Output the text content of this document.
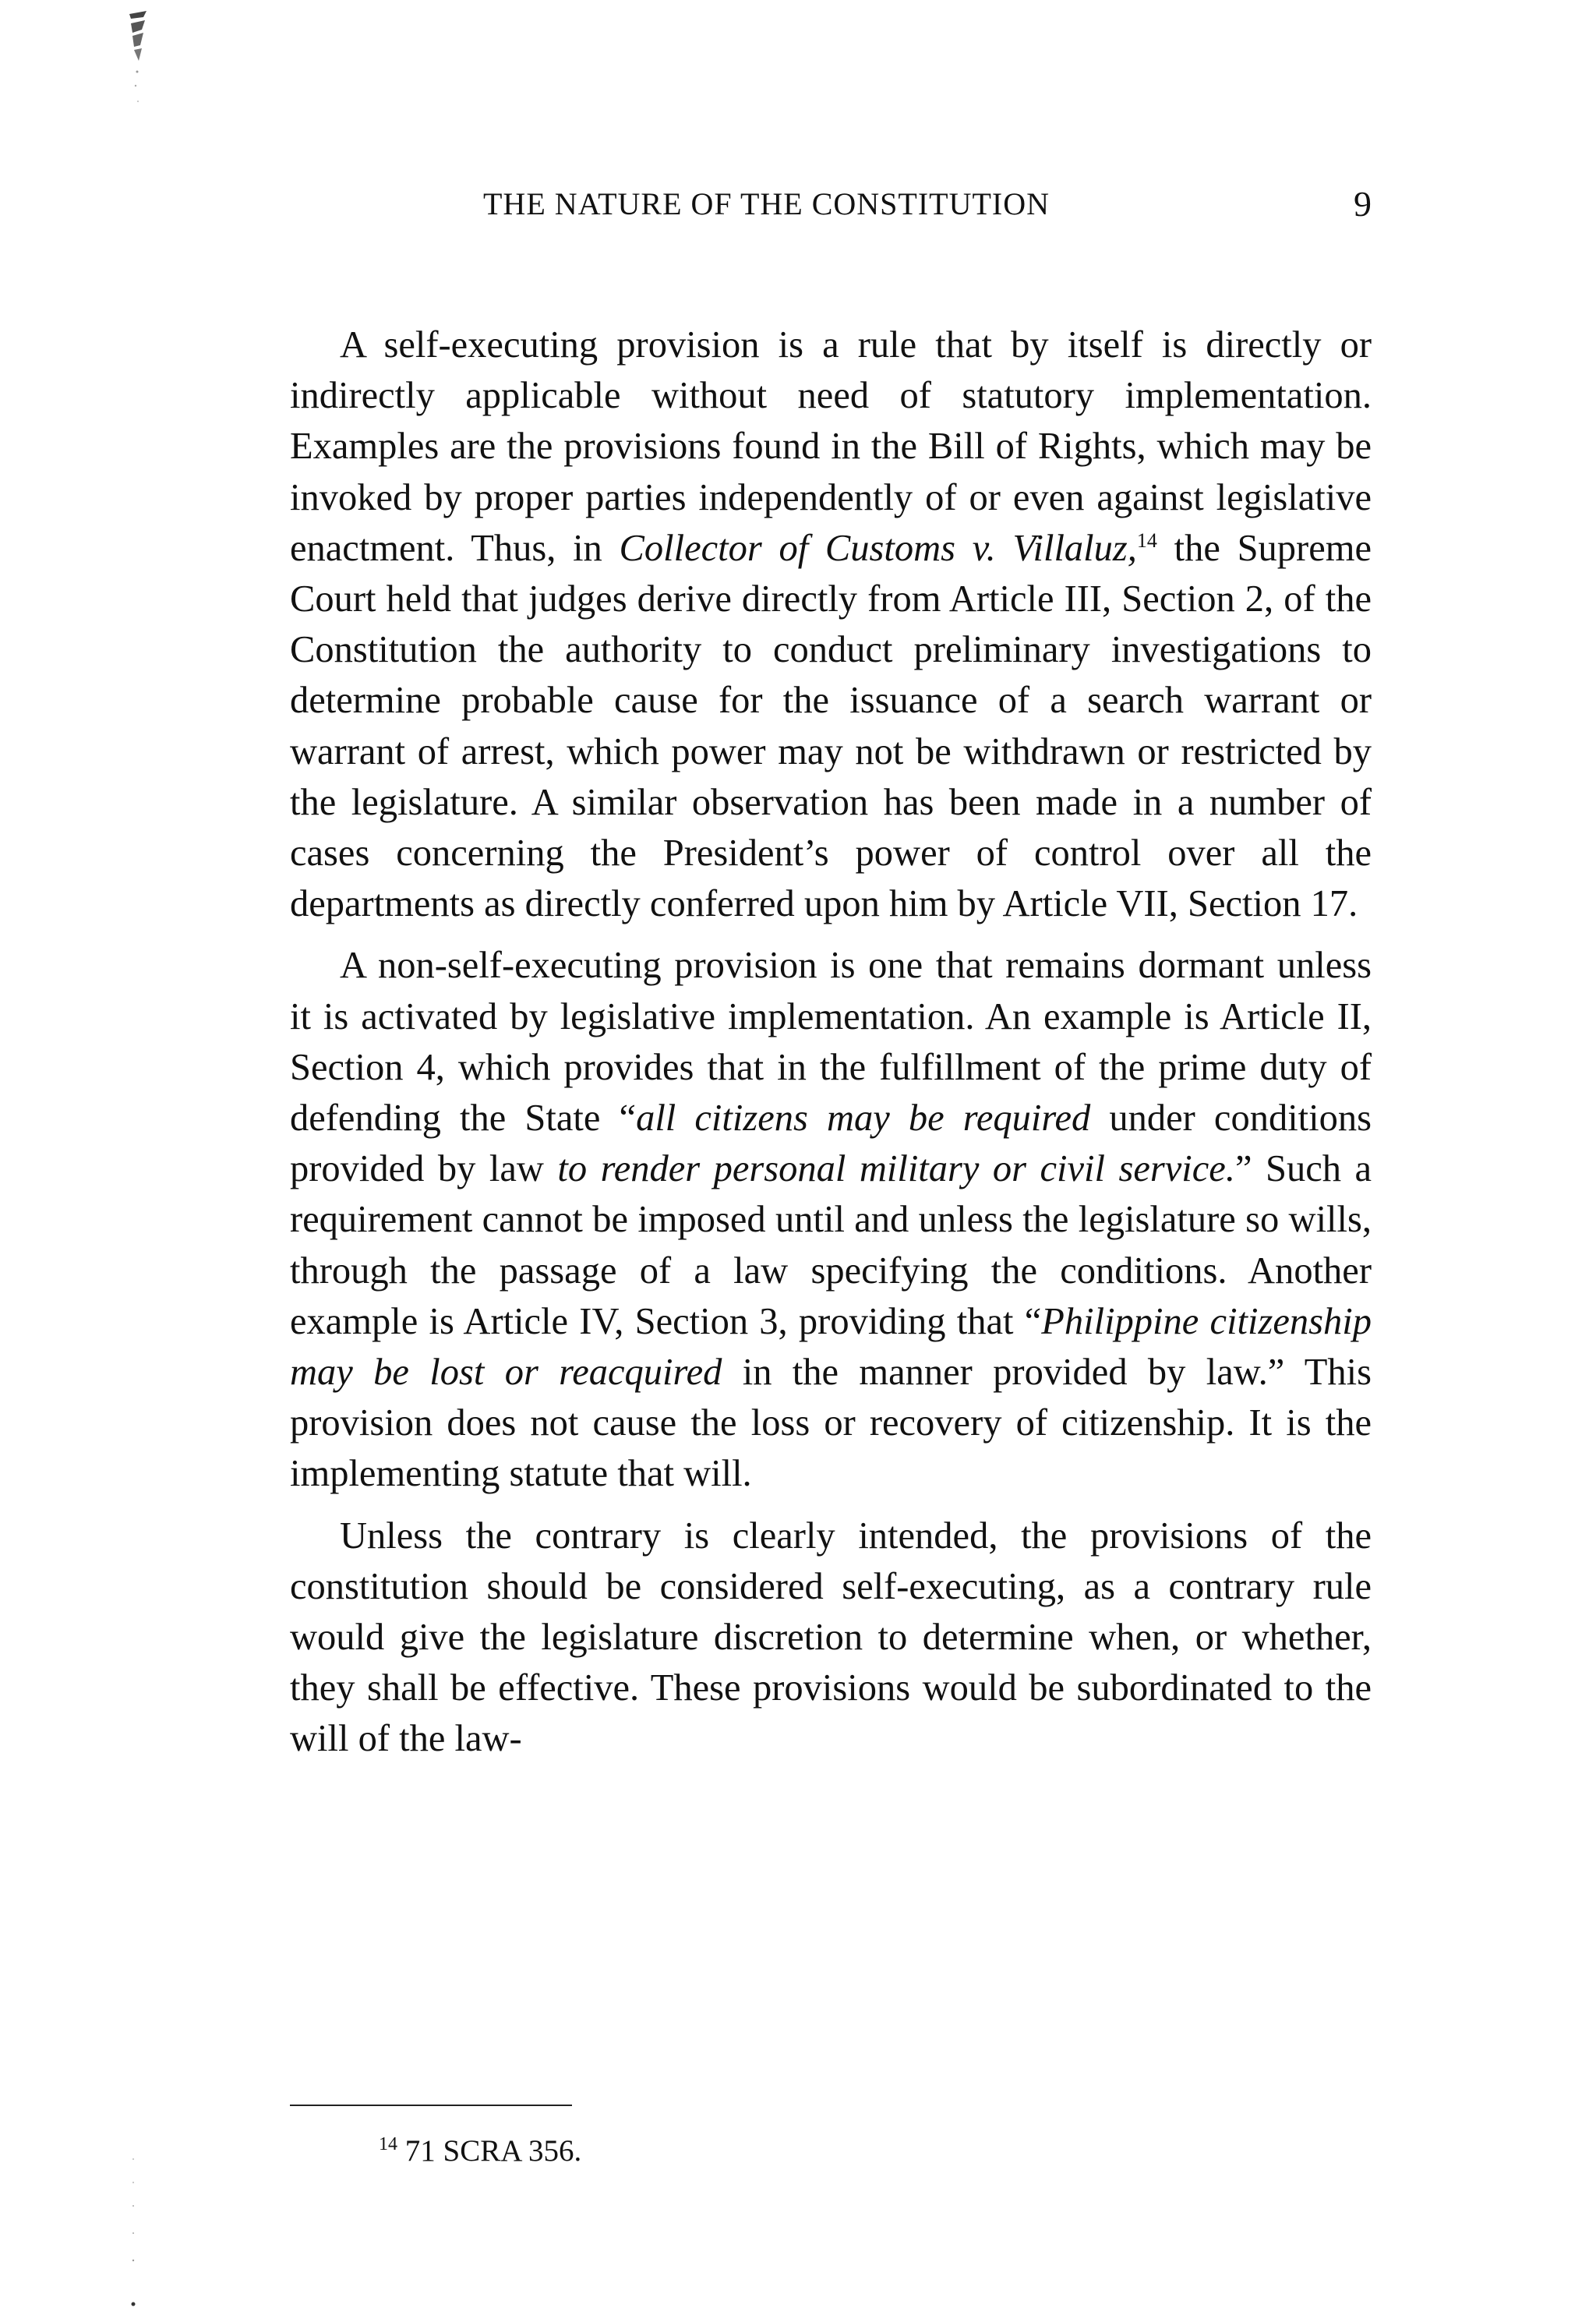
THE NATURE OF THE CONSTITUTION	9

A self-executing provision is a rule that by itself is directly or indirectly applicable without need of statutory implementation. Examples are the provisions found in the Bill of Rights, which may be invoked by proper parties independently of or even against legislative enactment. Thus, in Collector of Customs v. Villaluz,$^{14}$ the Supreme Court held that judges derive directly from Article III, Section 2, of the Constitution the authority to conduct preliminary investigations to determine probable cause for the issuance of a search warrant or warrant of arrest, which power may not be withdrawn or restricted by the legislature. A similar observation has been made in a number of cases concerning the President’s power of control over all the departments as directly conferred upon him by Article VII, Section 17.

A non-self-executing provision is one that remains dormant unless it is activated by legislative implementation. An example is Article II, Section 4, which provides that in the fulfillment of the prime duty of defending the State “all citizens may be required under conditions provided by law to render personal military or civil service.” Such a requirement cannot be imposed until and unless the legislature so wills, through the passage of a law specifying the conditions. Another example is Article IV, Section 3, providing that “Philippine citizenship may be lost or reacquired in the manner provided by law.” This provision does not cause the loss or recovery of citizenship. It is the implementing statute that will.

Unless the contrary is clearly intended, the provisions of the constitution should be considered self-executing, as a contrary rule would give the legislature discretion to determine when, or whether, they shall be effective. These provisions would be subordinated to the will of the law-

$^{14}$ 71 SCRA 356.
